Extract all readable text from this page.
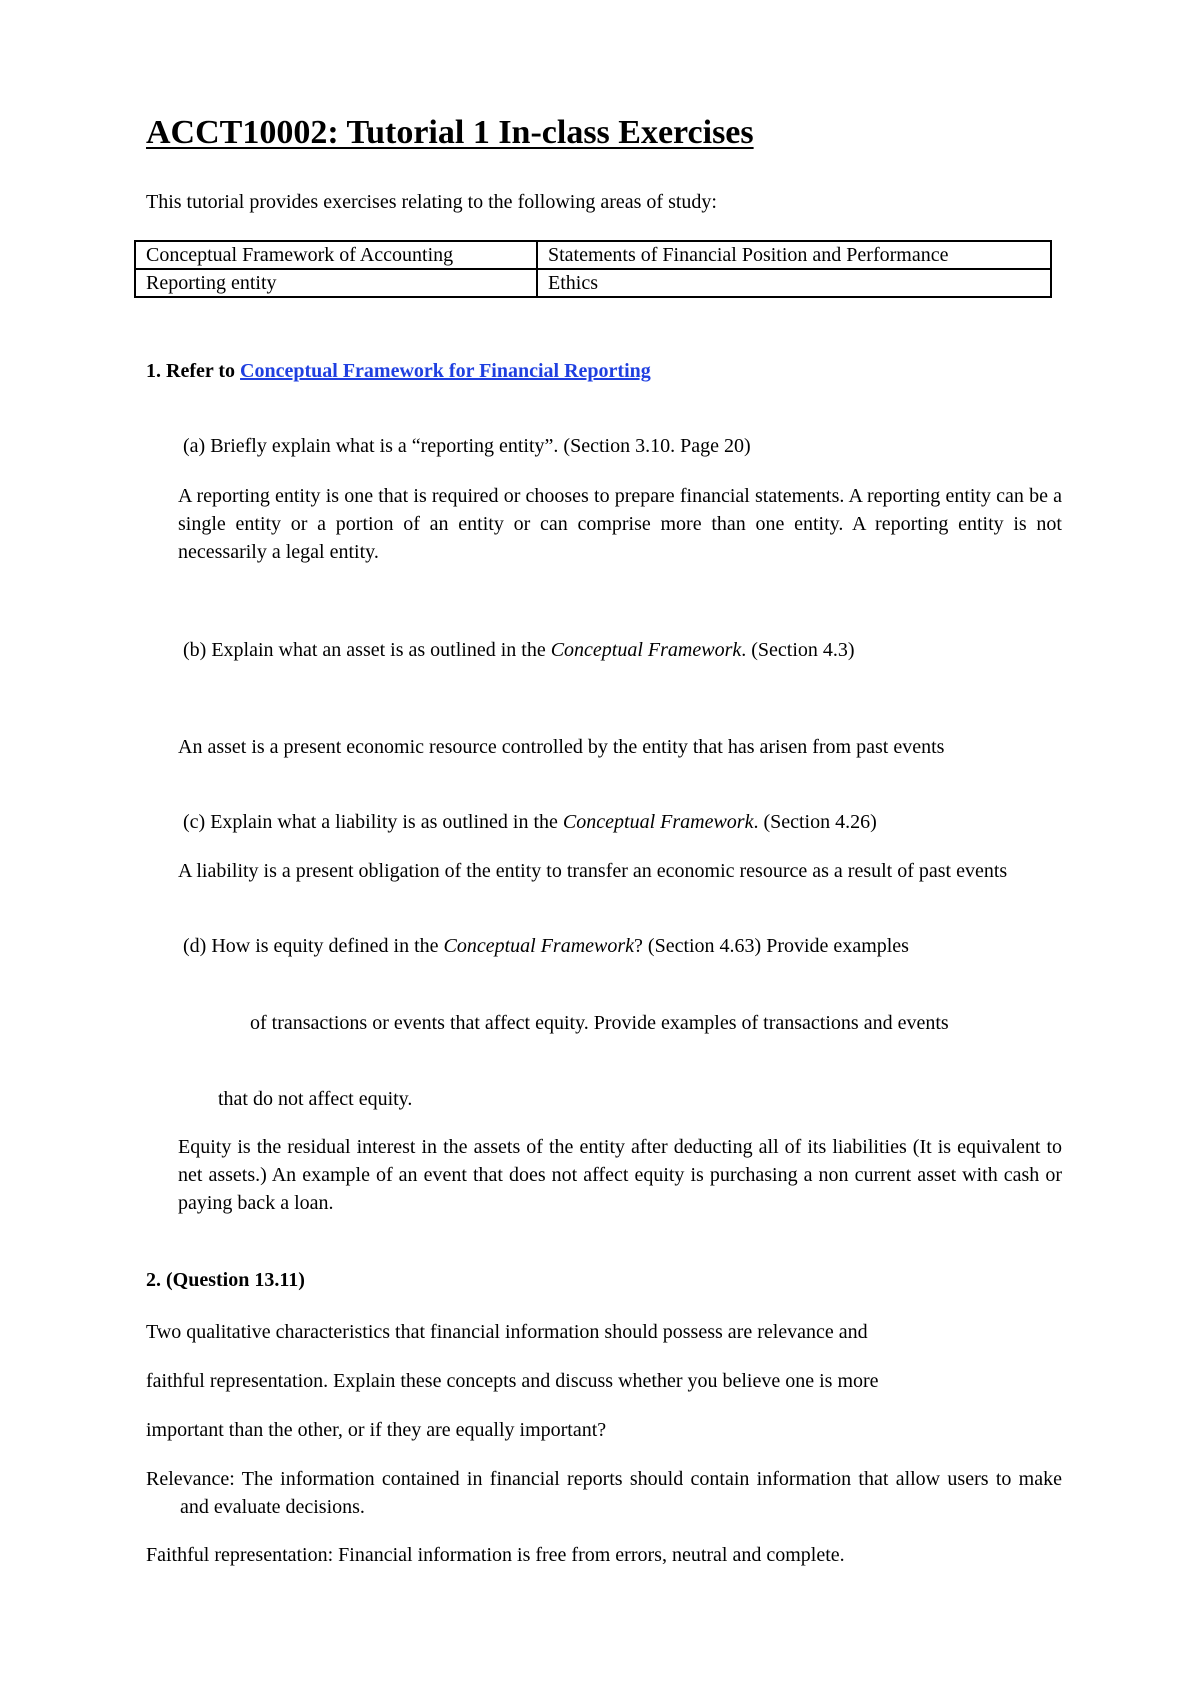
ACCT10002: Tutorial 1 In-class Exercises
This tutorial provides exercises relating to the following areas of study:
Conceptual Framework of Accounting	Statements of Financial Position and Performance
Reporting entity	Ethics
1. Refer to Conceptual Framework for Financial Reporting
(a) Briefly explain what is a “reporting entity”. (Section 3.10. Page 20)
A reporting entity is one that is required or chooses to prepare financial statements. A reporting entity can be a single entity or a portion of an entity or can comprise more than one entity. A reporting entity is not necessarily a legal entity.
(b) Explain what an asset is as outlined in the Conceptual Framework. (Section 4.3)
An asset is a present economic resource controlled by the entity that has arisen from past events
(c) Explain what a liability is as outlined in the Conceptual Framework. (Section 4.26)
A liability is a present obligation of the entity to transfer an economic resource as a result of past events
(d) How is equity defined in the Conceptual Framework? (Section 4.63) Provide examples
of transactions or events that affect equity. Provide examples of transactions and events
that do not affect equity.
Equity is the residual interest in the assets of the entity after deducting all of its liabilities (It is equivalent to net assets.) An example of an event that does not affect equity is purchasing a non current asset with cash or paying back a loan.
2. (Question 13.11)
Two qualitative characteristics that financial information should possess are relevance and
faithful representation. Explain these concepts and discuss whether you believe one is more
important than the other, or if they are equally important?
Relevance: The information contained in financial reports should contain information that allow users to make and evaluate decisions.
Faithful representation: Financial information is free from errors, neutral and complete.
